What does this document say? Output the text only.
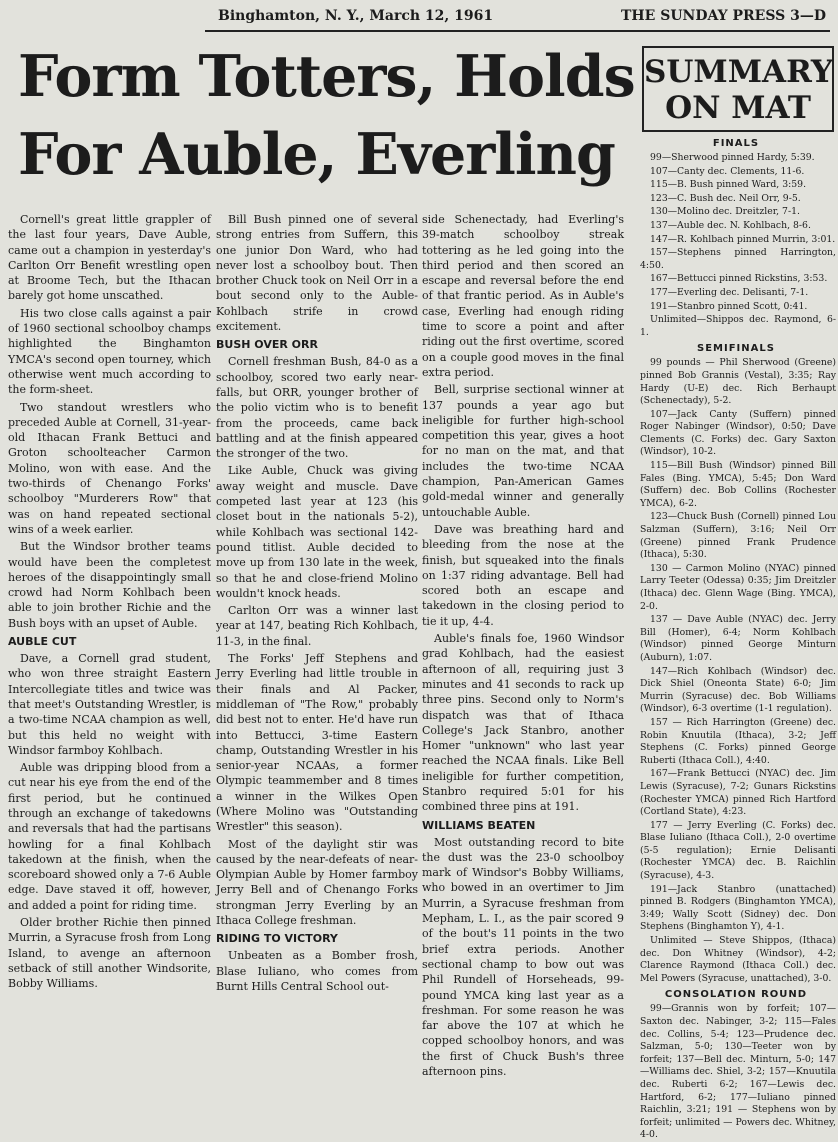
Binghamton, N. Y., March 12, 1961	THE SUNDAY PRESS 3—D
Form Totters, Holds
For Auble, Everling

Cornell's great little grappler of the last four years, Dave Auble, came out a champion in yesterday's Carlton Orr Benefit wrestling open at Broome Tech, but the Ithacan barely got home unscathed.

His two close calls against a pair of 1960 sectional schoolboy champs highlighted the Binghamton YMCA's second open tourney, which otherwise went much according to the form-sheet.

Two standout wrestlers who preceded Auble at Cornell, 31-year-old Ithacan Frank Bettuci and Groton schoolteacher Carmon Molino, won with ease. And the two-thirds of Chenango Forks' schoolboy "Murderers Row" that was on hand repeated sectional wins of a week earlier.

But the Windsor brother teams would have been the completest heroes of the disappointingly small crowd had Norm Kohlbach been able to join brother Richie and the Bush boys with an upset of Auble.

AUBLE CUT

Dave, a Cornell grad student, who won three straight Eastern Intercollegiate titles and twice was that meet's Outstanding Wrestler, is a two-time NCAA champion as well, but this held no weight with Windsor farmboy Kohlbach.

Auble was dripping blood from a cut near his eye from the end of the first period, but he continued through an exchange of takedowns and reversals that had the partisans howling for a final Kohlbach takedown at the finish, when the scoreboard showed only a 7-6 Auble edge. Dave staved it off, however, and added a point for riding time.

Older brother Richie then pinned Murrin, a Syracuse frosh from Long Island, to avenge an afternoon setback of still another Windsorite, Bobby Williams.

Bill Bush pinned one of several strong entries from Suffern, this one junior Don Ward, who had never lost a schoolboy bout. Then brother Chuck took on Neil Orr in a bout second only to the Auble-Kohlbach strife in crowd excitement.

BUSH OVER ORR

Cornell freshman Bush, 84-0 as a schoolboy, scored two early near-falls, but ORR, younger brother of the polio victim who is to benefit from the proceeds, came back battling and at the finish appeared the stronger of the two.

Like Auble, Chuck was giving away weight and muscle. Dave competed last year at 123 (his closet bout in the nationals 5-2), while Kohlbach was sectional 142-pound titlist. Auble decided to move up from 130 late in the week, so that he and close-friend Molino wouldn't knock heads.

Carlton Orr was a winner last year at 147, beating Rich Kohlbach, 11-3, in the final.

The Forks' Jeff Stephens and Jerry Everling had little trouble in their finals and Al Packer, middleman of "The Row," probably did best not to enter. He'd have run into Bettucci, 3-time Eastern champ, Outstanding Wrestler in his senior-year NCAAs, a former Olympic teammember and 8 times a winner in the Wilkes Open (Where Molino was "Outstanding Wrestler" this season).

Most of the daylight stir was caused by the near-defeats of near-Olympian Auble by Homer farmboy Jerry Bell and of Chenango Forks strongman Jerry Everling by an Ithaca College freshman.

RIDING TO VICTORY

Unbeaten as a Bomber frosh, Blase Iuliano, who comes from Burnt Hills Central School out-

side Schenectady, had Everling's 39-match schoolboy streak tottering as he led going into the third period and then scored an escape and reversal before the end of that frantic period. As in Auble's case, Everling had enough riding time to score a point and after riding out the first overtime, scored on a couple good moves in the final extra period.

Bell, surprise sectional winner at 137 pounds a year ago but ineligible for further high-school competition this year, gives a hoot for no man on the mat, and that includes the two-time NCAA champion, Pan-American Games gold-medal winner and generally untouchable Auble.

Dave was breathing hard and bleeding from the nose at the finish, but squeaked into the finals on 1:37 riding advantage. Bell had scored both an escape and takedown in the closing period to tie it up, 4-4.

Auble's finals foe, 1960 Windsor grad Kohlbach, had the easiest afternoon of all, requiring just 3 minutes and 41 seconds to rack up three pins. Second only to Norm's dispatch was that of Ithaca College's Jack Stanbro, another Homer "unknown" who last year reached the NCAA finals. Like Bell ineligible for further competition, Stanbro required 5:01 for his combined three pins at 191.

WILLIAMS BEATEN

Most outstanding record to bite the dust was the 23-0 schoolboy mark of Windsor's Bobby Williams, who bowed in an overtimer to Jim Murrin, a Syracuse freshman from Mepham, L. I., as the pair scored 9 of the bout's 11 points in the two brief extra periods. Another sectional champ to bow out was Phil Rundell of Horseheads, 99-pound YMCA king last year as a freshman. For some reason he was far above the 107 at which he copped schoolboy honors, and was the first of Chuck Bush's three afternoon pins.

SUMMARY ON MAT
FINALS
99—Sherwood pinned Hardy, 5:39.
107—Canty dec. Clements, 11-6.
115—B. Bush pinned Ward, 3:59.
123—C. Bush dec. Neil Orr, 9-5.
130—Molino dec. Dreitzler, 7-1.
137—Auble dec. N. Kohlbach, 8-6.
147—R. Kohlbach pinned Murrin, 3:01.
157—Stephens pinned Harrington, 4:50.
167—Bettucci pinned Rickstins, 3:53.
177—Everling dec. Delisanti, 7-1.
191—Stanbro pinned Scott, 0:41.
Unlimited—Shippos dec. Raymond, 6-1.
SEMIFINALS
99 pounds — Phil Sherwood (Greene) pinned Bob Grannis (Vestal), 3:35; Ray Hardy (U-E) dec. Rich Berhaupt (Schenectady), 5-2.
107—Jack Canty (Suffern) pinned Roger Nabinger (Windsor), 0:50; Dave Clements (C. Forks) dec. Gary Saxton (Windsor), 10-2.
115—Bill Bush (Windsor) pinned Bill Fales (Bing. YMCA), 5:45; Don Ward (Suffern) dec. Bob Collins (Rochester YMCA), 6-2.
123—Chuck Bush (Cornell) pinned Lou Salzman (Suffern), 3:16; Neil Orr (Greene) pinned Frank Prudence (Ithaca), 5:30.
130 — Carmon Molino (NYAC) pinned Larry Teeter (Odessa) 0:35; Jim Dreitzler (Ithaca) dec. Glenn Wage (Bing. YMCA), 2-0.
137 — Dave Auble (NYAC) dec. Jerry Bill (Homer), 6-4; Norm Kohlbach (Windsor) pinned George Minturn (Auburn), 1:07.
147—Rich Kohlbach (Windsor) dec. Dick Shiel (Oneonta State) 6-0; Jim Murrin (Syracuse) dec. Bob Williams (Windsor), 6-3 overtime (1-1 regulation).
157 — Rich Harrington (Greene) dec. Robin Knuutila (Ithaca), 3-2; Jeff Stephens (C. Forks) pinned George Ruberti (Ithaca Coll.), 4:40.
167—Frank Bettucci (NYAC) dec. Jim Lewis (Syracuse), 7-2; Gunars Rickstins (Rochester YMCA) pinned Rich Hartford (Cortland State), 4:23.
177 — Jerry Everling (C. Forks) dec. Blase Iuliano (Ithaca Coll.), 2-0 overtime (5-5 regulation); Ernie Delisanti (Rochester YMCA) dec. B. Raichlin (Syracuse), 4-3.
191—Jack Stanbro (unattached) pinned B. Rodgers (Binghamton YMCA), 3:49; Wally Scott (Sidney) dec. Don Stephens (Binghamton Y), 4-1.
Unlimited — Steve Shippos, (Ithaca) dec. Don Whitney (Windsor), 4-2; Clarence Raymond (Ithaca Coll.) dec. Mel Powers (Syracuse, unattached), 3-0.
CONSOLATION ROUND
99—Grannis won by forfeit; 107—Saxton dec. Nabinger, 3-2; 115—Fales dec. Collins, 5-4; 123—Prudence dec. Salzman, 5-0; 130—Teeter won by forfeit; 137—Bell dec. Minturn, 5-0; 147—Williams dec. Shiel, 3-2; 157—Knuutila dec. Ruberti 6-2; 167—Lewis dec. Hartford, 6-2; 177—Iuliano pinned Raichlin, 3:21; 191 — Stephens won by forfeit; unlimited — Powers dec. Whitney, 4-0.
